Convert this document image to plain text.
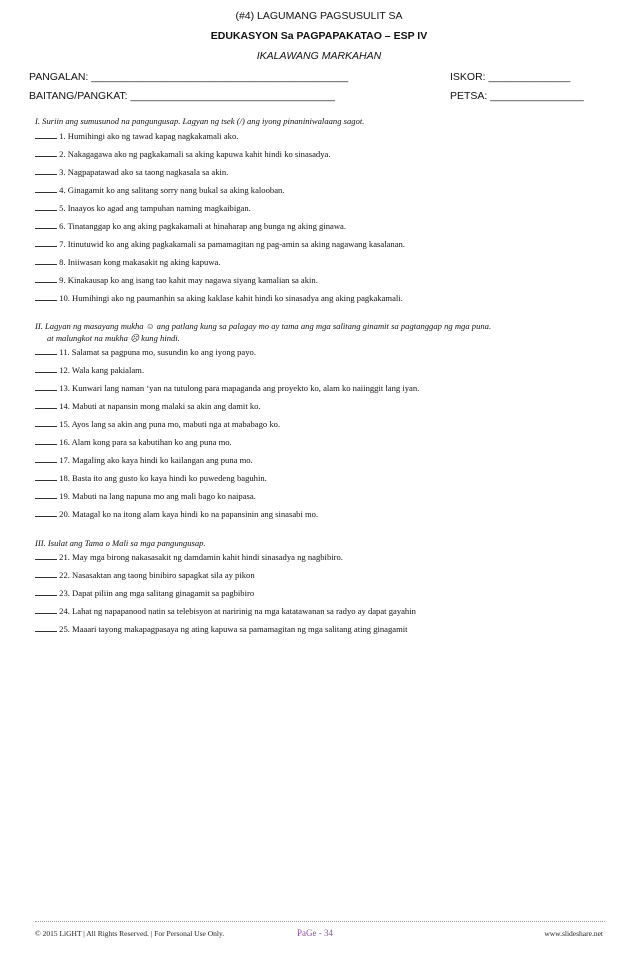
(#4) LAGUMANG PAGSUSULIT SA
EDUKASYON Sa PAGPAPAKATAO – ESP IV
IKALAWANG MARKAHAN
PANGALAN: ____________________________________________
BAITANG/PANGKAT: ___________________________________
ISKOR: ______________
PETSA: ________________
I. Suriin ang sumusunod na pangungusap. Lagyan ng tsek (/) ang iyong pinaniniwalaang sagot.
1. Humihingi ako ng tawad kapag nagkakamali ako.
2. Nakagagawa ako ng pagkakamali sa aking kapuwa kahit hindi ko sinasadya.
3. Nagpapatawad ako sa taong nagkasala sa akin.
4. Ginagamit ko ang salitang sorry nang bukal sa aking kalooban.
5. Inaayos ko agad ang tampuhan naming magkaibigan.
6. Tinatanggap ko ang aking pagkakamali at hinaharap ang bunga ng aking ginawa.
7. Itinutuwid ko ang aking pagkakamali sa pamamagitan ng pag-amin sa aking nagawang kasalanan.
8. Iniiwasan kong makasakit ng aking kapuwa.
9. Kinakausap ko ang isang tao kahit may nagawa siyang kamalian sa akin.
10. Humihingi ako ng paumanhin sa aking kaklase kahit hindi ko sinasadya ang aking pagkakamali.
II. Lagyan ng masayang mukha ☺ ang patlang kung sa palagay mo ay tama ang mga salitang ginamit sa pagtanggap ng mga puna.
at malungkot na mukha ☹ kung hindi.
11. Salamat sa pagpuna mo, susundin ko ang iyong payo.
12. Wala kang pakialam.
13. Kunwari lang naman ‘yan na tutulong para mapaganda ang proyekto ko, alam ko naiinggit lang iyan.
14. Mabuti at napansin mong malaki sa akin ang damit ko.
15. Ayos lang sa akin ang puna mo, mabuti nga at mababago ko.
16. Alam kong para sa kabutihan ko ang puna mo.
17. Magaling ako kaya hindi ko kailangan ang puna mo.
18. Basta ito ang gusto ko kaya hindi ko puwedeng baguhin.
19. Mabuti na lang napuna mo ang mali bago ko naipasa.
20. Matagal ko na itong alam kaya hindi ko na papansinin ang sinasabi mo.
III. Isulat ang Tama o Mali sa mga pangungusap.
21. May mga birong nakasasakit ng damdamin kahit hindi sinasadya ng nagbibiro.
22. Nasasaktan ang taong binibiro sapagkat sila ay pikon
23. Dapat piliin ang mga salitang ginagamit sa pagbibiro
24. Lahat ng napapanood natin sa telebisyon at naririnig na mga katatawanan sa radyo ay dapat gayahin
25. Maaari tayong makapagpasaya ng ating kapuwa sa pamamagitan ng mga salitang ating ginagamit
© 2015 LiGHT | All Rights Reserved. | For Personal Use Only.	PaGe - 34	www.slideshare.net
